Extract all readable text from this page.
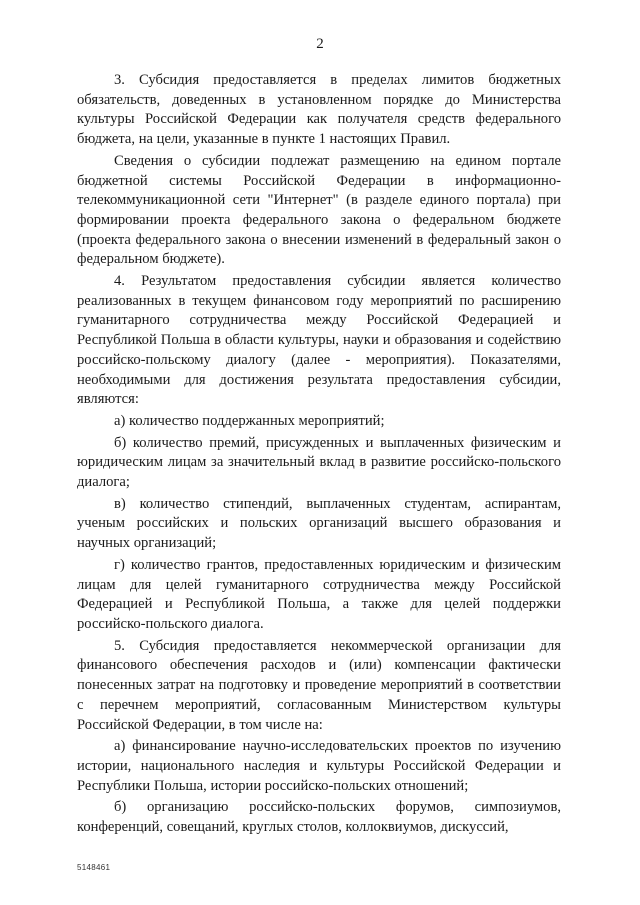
2

3. Субсидия предоставляется в пределах лимитов бюджетных обязательств, доведенных в установленном порядке до Министерства культуры Российской Федерации как получателя средств федерального бюджета, на цели, указанные в пункте 1 настоящих Правил.

Сведения о субсидии подлежат размещению на едином портале бюджетной системы Российской Федерации в информационно-телекоммуникационной сети "Интернет" (в разделе единого портала) при формировании проекта федерального закона о федеральном бюджете (проекта федерального закона о внесении изменений в федеральный закон о федеральном бюджете).

4. Результатом предоставления субсидии является количество реализованных в текущем финансовом году мероприятий по расширению гуманитарного сотрудничества между Российской Федерацией и Республикой Польша в области культуры, науки и образования и содействию российско-польскому диалогу (далее - мероприятия). Показателями, необходимыми для достижения результата предоставления субсидии, являются:

а) количество поддержанных мероприятий;

б) количество премий, присужденных и выплаченных физическим и юридическим лицам за значительный вклад в развитие российско-польского диалога;

в) количество стипендий, выплаченных студентам, аспирантам, ученым российских и польских организаций высшего образования и научных организаций;

г) количество грантов, предоставленных юридическим и физическим лицам для целей гуманитарного сотрудничества между Российской Федерацией и Республикой Польша, а также для целей поддержки российско-польского диалога.

5. Субсидия предоставляется некоммерческой организации для финансового обеспечения расходов и (или) компенсации фактически понесенных затрат на подготовку и проведение мероприятий в соответствии с перечнем мероприятий, согласованным Министерством культуры Российской Федерации, в том числе на:

а) финансирование научно-исследовательских проектов по изучению истории, национального наследия и культуры Российской Федерации и Республики Польша, истории российско-польских отношений;

б) организацию российско-польских форумов, симпозиумов, конференций, совещаний, круглых столов, коллоквиумов, дискуссий,

5148461
